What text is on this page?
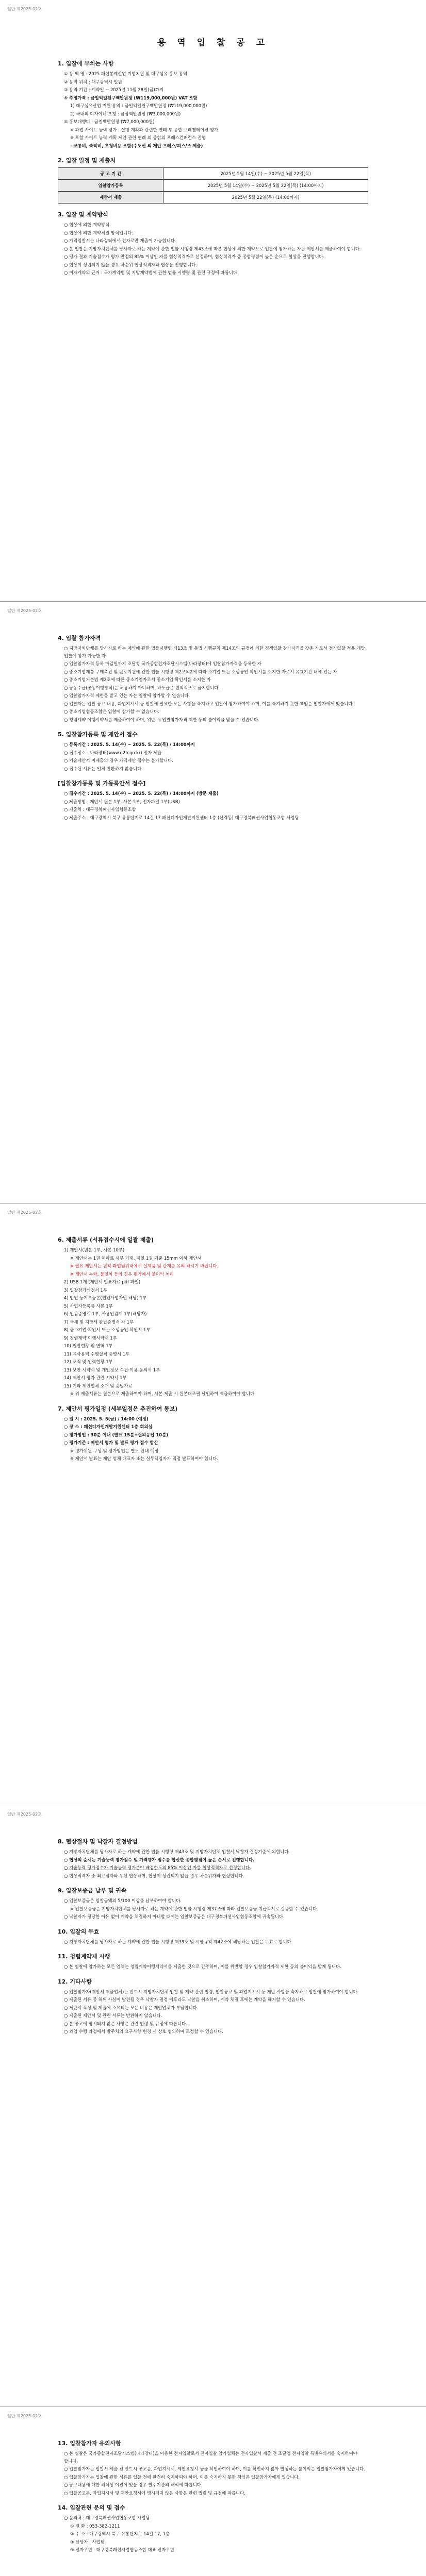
일반 제2025-02호
용 역 입 찰 공 고
1. 입찰에 부치는 사항
① 용 역 명 : 2025 패션봉제산업 기업지원 및 대구섬유 홍보 용역
② 용역 위치 : 대구광역시 일원
③ 용역 기간 : 계약일 ~ 2025년 11월 28일(금)까지
④ 추정가격 : 금일억일천구백만원정 (₩119,000,000원) VAT 포함
1) 대구섬유산업 지원 용역 : 금일억일천구백만원정 (₩119,000,000원)
2) 국내외 디자이너 초청 : 금삼백만원정 (₩3,000,000원)
⑤ 홍보대행비 : 금칠백만원정 (₩7,000,000원)
※ 과업 사이트 능력 평가 : 실행 계획과 관련한 연례 부 종합 프레젠테이션 평가
※ 포함 사이트 능력 계획 제안 관련 연례 의 종합의 프레스컨퍼런스 진행
- 교통비, 숙박비, 초청비용 포함(수도권 외 제안 프레스/피스/조 제출)
2. 입찰 일정 및 제출처
공 고 기 간	2025년 5월 14일(수) ~ 2025년 5월 22일(목)
입찰참가등록	2025년 5월 14일(수) ~ 2025년 5월 22일(목) (14:00까지)
제안서 제출	2025년 5월 22일(목) (14:00까지)
3. 입찰 및 계약방식
○ 협상에 의한 계약방식
○ 협상에 의한 계약체결 방식입니다.
○ 가격입찰서는 나라장터에서 전자로만 제출이 가능합니다.
○ 본 입찰은 지방자치단체를 당사자로 하는 계약에 관한 법률 시행령 제43조에 따른 협상에 의한 계약으로 입찰에 참가하는 자는 제안서를 제출하여야 합니다.
○ 평가 결과 기술점수가 평가 만점의 85% 이상인 자를 협상적격자로 선정하며, 협상적격자 중 종합평점이 높은 순으로 협상을 진행합니다.
○ 협상이 성립되지 않을 경우 차순위 협상적격자와 협상을 진행합니다.
○ 이자계약의 근거 : 국가계약법 및 지방계약법에 관한 법률 시행령 및 관련 규정에 따릅니다.
일반 제2025-02호
4. 입찰 참가자격
○ 지방자치단체를 당사자로 하는 계약에 관한 법률시행령 제13조 및 동법 시행규칙 제14조의 규정에 의한 경쟁입찰 참가자격을 갖춘 자로서 전자입찰 적용 개방 입찰에 참가 가능한 자
○ 입찰참가자격 등록 마감일까지 조달청 국가종합전자조달시스템(나라장터)에 입찰참가자격을 등록한 자
○ 중소기업제품 구매촉진 및 판로지원에 관한 법률 시행령 제2조의2에 따라 소기업 또는 소상공인 확인서를 소지한 자로서 유효기간 내에 있는 자
○ 중소기업기본법 제2조에 따른 중소기업자로서 중소기업 확인서를 소지한 자
○ 공동수급(공동이행방식)은 허용하지 아니하며, 하도급은 원칙적으로 금지합니다.
○ 입찰참가자격 제한을 받고 있는 자는 입찰에 참가할 수 없습니다.
○ 입찰자는 입찰 공고 내용, 과업지시서 등 입찰에 필요한 모든 사항을 숙지하고 입찰에 참가하여야 하며, 이를 숙지하지 못한 책임은 입찰자에게 있습니다.
○ 중소기업협동조합은 입찰에 참가할 수 없습니다.
○ 청렴계약 이행서약서를 제출하여야 하며, 위반 시 입찰참가자격 제한 등의 불이익을 받을 수 있습니다.
5. 입찰참가등록 및 제안서 접수
○ 등록기간 : 2025. 5. 14(수) ~ 2025. 5. 22(목) / 14:00까지
○ 접수장소 : 나라장터(www.g2b.go.kr) 전자 제출
○ 기술제안서 미제출의 경우 가격제안 접수는 불가합니다.
○ 접수된 서류는 일체 반환하지 않습니다.
[입찰참가등록 및 가등록안서 접수]
○ 접수기간 : 2025. 5. 14(수) ~ 2025. 5. 22(목) / 14:00까지 (방문 제출)
○ 제출방법 : 제안서 원본 1부, 사본 5부, 전자파일 1부(USB)
○ 제출처 : 대구경북패션사업협동조합
○ 제출주소 : 대구광역시 북구 유통단지로 14길 17 패션디자인개발지원센터 1층 (산격동) 대구경북패션사업협동조합 사업팀
일반 제2025-02호
6. 제출서류 (서류접수시에 일괄 제출)
1) 제안서(원본 1부, 사본 10부)
※ 제안서는 1권 이하로 세부 기재, 파일 1권 기준 15mm 이하 제안서
※ 필요 제안서는 원칙 과업범위내에서 실제품 및 관계를 유의 하시기 바랍니다.
※ 제안서 누락, 불일치 등의 경우 평가에서 불이익 처리
2) USB 1개 (제안서 발표자료 pdf 파일)
3) 입찰참가신청서 1부
4) 법인 등기부등본(법인사업자만 해당) 1부
5) 사업자등록증 사본 1부
6) 인감증명서 1부, 사용인감계 1부(해당자)
7) 국세 및 지방세 완납증명서 각 1부
8) 중소기업 확인서 또는 소상공인 확인서 1부
9) 청렴계약 이행서약서 1부
10) 일반현황 및 연혁 1부
11) 유사용역 수행실적 증명서 1부
12) 조직 및 인력현황 1부
13) 보안 서약서 및 개인정보 수집·이용 동의서 1부
14) 제안서 평가 관련 서약서 1부
15) 기타 제안업체 소개 및 증빙자료
※ 위 제출서류는 원본으로 제출하여야 하며, 사본 제출 시 원본대조필 날인하여 제출하여야 합니다.
7. 제안서 평가일정 (세부일정은 추진하여 통보)
○ 일 시 : 2025. 5. 5(금) / 14:00 (예정)
○ 장 소 : 패션디자인개발지원센터 1층 회의실
○ 평가방법 : 30분 이내 (발표 15분+질의응답 10분)
○ 평가기준 : 제안서 평가 및 발표 평가 점수 합산
※ 평가위원 구성 및 평가방법은 별도 안내 예정
※ 제안서 발표는 제안 업체 대표자 또는 실무책임자가 직접 발표하여야 합니다.
일반 제2025-02호
8. 협상절차 및 낙찰자 결정방법
○ 지방자치단체를 당사자로 하는 계약에 관한 법률 시행령 제43조 및 지방자치단체 입찰시 낙찰자 결정기준에 의합니다.
○ 협상의 순서는 기술능력 평가점수 및 가격평가 점수를 합산한 종합평점이 높은 순서로 진행합니다.
○ 기술능력 평가점수가 기술능력 평가분야 배점한도의 85% 이상인 자를 협상적격자로 선정합니다.
○ 협상적격자 중 최고점자와 우선 협상하며, 협상이 성립되지 않을 경우 차순위자와 협상합니다.
9. 입찰보증금 납부 및 귀속
○ 입찰보증금은 입찰금액의 5/100 이상을 납부하여야 합니다.
※ 입찰보증금은 지방자치단체를 당사자로 하는 계약에 관한 법률 시행령 제37조에 따라 입찰보증금 지급각서로 갈음할 수 있습니다.
○ 낙찰자가 정당한 이유 없이 계약을 체결하지 아니할 때에는 입찰보증금은 대구경북패션사업협동조합에 귀속됩니다.
10. 입찰의 무효
○ 지방자치단체를 당사자로 하는 계약에 관한 법률 시행령 제39조 및 시행규칙 제42조에 해당하는 입찰은 무효로 합니다.
11. 청렴계약제 시행
○ 본 입찰에 참가하는 모든 업체는 청렴계약이행서약서를 제출한 것으로 간주하며, 이를 위반할 경우 입찰참가자격 제한 등의 불이익을 받게 됩니다.
12. 기타사항
○ 입찰참가자(제안서 제출업체)는 반드시 지방자치단체 입찰 및 계약 관련 법령, 입찰공고 및 과업지시서 등 제반 사항을 숙지하고 입찰에 참가하여야 합니다.
○ 제출된 서류 중 허위 사실이 발견될 경우 낙찰자 결정 이후라도 낙찰을 취소하며, 계약 체결 후에는 계약을 해지할 수 있습니다.
○ 제안서 작성 및 제출에 소요되는 모든 비용은 제안업체가 부담합니다.
○ 제출된 제안서 및 관련 서류는 반환하지 않습니다.
○ 본 공고에 명시되지 않은 사항은 관련 법령 및 규정에 따릅니다.
○ 과업 수행 과정에서 발주처의 요구사항 변경 시 상호 협의하여 조정할 수 있습니다.
일반 제2025-02호
13. 입찰참가자 유의사항
○ 본 입찰은 국가종합전자조달시스템(나라장터)을 이용한 전자입찰로서 전자입찰 참가업체는 전자입찰서 제출 전 조달청 전자입찰 특별유의서를 숙지하여야 합니다.
○ 입찰참가자는 입찰서 제출 전 반드시 공고문, 과업지시서, 제안요청서 등을 확인하여야 하며, 이를 확인하지 않아 발생하는 불이익은 입찰참가자에게 있습니다.
○ 입찰참가자는 입찰에 관한 서류를 입찰 전에 완전히 숙지하여야 하며, 이를 숙지하지 못한 책임은 입찰참가자에게 있습니다.
○ 공고내용에 대한 해석상 이견이 있을 경우 발주기관의 해석에 따릅니다.
○ 입찰공고문, 과업지시서 및 제안요청서에 명시되지 않은 사항은 관련 법령 및 규정에 따릅니다.
14. 입찰관련 문의 및 접수
○ 문의처 : 대구경북패션사업협동조합 사업팀
① 전 화 : 053-382-1211
② 주 소 : 대구광역시 북구 유통단지로 14길 17, 1층
③ 담당자 : 사업팀
④ 전자우편 : 대구경북패션사업협동조합 대표 전자우편
